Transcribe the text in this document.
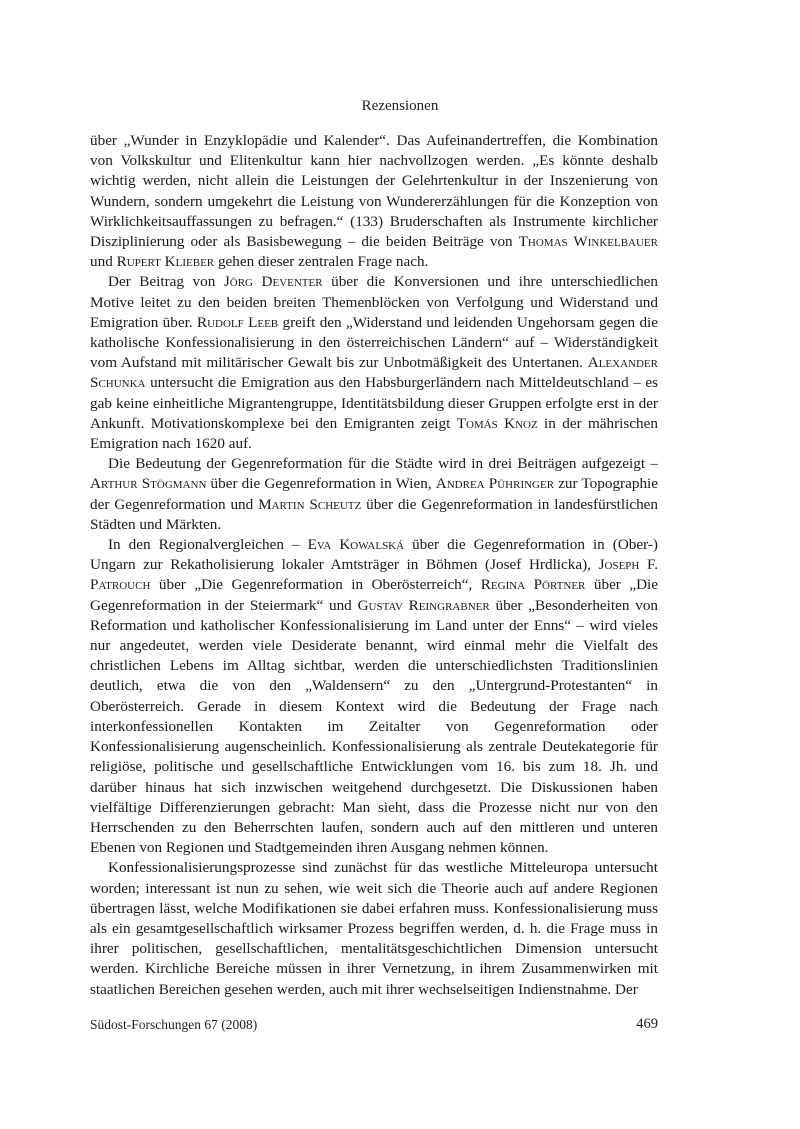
Rezensionen

über „Wunder in Enzyklopädie und Kalender“. Das Aufeinandertreffen, die Kombination von Volkskultur und Elitenkultur kann hier nachvollzogen werden. „Es könnte deshalb wichtig werden, nicht allein die Leistungen der Gelehrtenkultur in der Inszenierung von Wundern, sondern umgekehrt die Leistung von Wundererzählungen für die Konzeption von Wirklichkeitsauffassungen zu befragen.“ (133) Bruderschaften als Instrumente kirchlicher Disziplinierung oder als Basisbewegung – die beiden Beiträge von Thomas Winkelbauer und Rupert Klieber gehen dieser zentralen Frage nach.

Der Beitrag von Jörg Deventer über die Konversionen und ihre unterschiedlichen Motive leitet zu den beiden breiten Themenblöcken von Verfolgung und Widerstand und Emigration über. Rudolf Leeb greift den „Widerstand und leidenden Ungehorsam gegen die katholische Konfessionalisierung in den österreichischen Ländern“ auf – Widerständigkeit vom Aufstand mit militärischer Gewalt bis zur Unbotmäßigkeit des Untertanen. Alexander Schunka untersucht die Emigration aus den Habsburgerländern nach Mitteldeutschland – es gab keine einheitliche Migrantengruppe, Identitätsbildung dieser Gruppen erfolgte erst in der Ankunft. Motivationskomplexe bei den Emigranten zeigt Tomás Knoz in der mährischen Emigration nach 1620 auf.

Die Bedeutung der Gegenreformation für die Städte wird in drei Beiträgen aufgezeigt – Arthur Stögmann über die Gegenreformation in Wien, Andrea Pühringer zur Topographie der Gegenreformation und Martin Scheutz über die Gegenreformation in landesfürstlichen Städten und Märkten.

In den Regionalvergleichen – Eva Kowalská über die Gegenreformation in (Ober-) Ungarn zur Rekatholisierung lokaler Amtsträger in Böhmen (Josef Hrdlicka), Joseph F. Patrouch über „Die Gegenreformation in Oberösterreich“, Regina Pörtner über „Die Gegenreformation in der Steiermark“ und Gustav Reingrabner über „Besonderheiten von Reformation und katholischer Konfessionalisierung im Land unter der Enns“ – wird vieles nur angedeutet, werden viele Desiderate benannt, wird einmal mehr die Vielfalt des christlichen Lebens im Alltag sichtbar, werden die unterschiedlichsten Traditionslinien deutlich, etwa die von den „Waldensern“ zu den „Untergrund-Protestanten“ in Oberösterreich. Gerade in diesem Kontext wird die Bedeutung der Frage nach interkonfessionellen Kontakten im Zeitalter von Gegenreformation oder Konfessionalisierung augenscheinlich. Konfessionalisierung als zentrale Deutekategorie für religiöse, politische und gesellschaftliche Entwicklungen vom 16. bis zum 18. Jh. und darüber hinaus hat sich inzwischen weitgehend durchgesetzt. Die Diskussionen haben vielfältige Differenzierungen gebracht: Man sieht, dass die Prozesse nicht nur von den Herrschenden zu den Beherrschten laufen, sondern auch auf den mittleren und unteren Ebenen von Regionen und Stadtgemeinden ihren Ausgang nehmen können.

Konfessionalisierungsprozesse sind zunächst für das westliche Mitteleuropa untersucht worden; interessant ist nun zu sehen, wie weit sich die Theorie auch auf andere Regionen übertragen lässt, welche Modifikationen sie dabei erfahren muss. Konfessionalisierung muss als ein gesamtgesellschaftlich wirksamer Prozess begriffen werden, d. h. die Frage muss in ihrer politischen, gesellschaftlichen, mentalitätsgeschichtlichen Dimension untersucht werden. Kirchliche Bereiche müssen in ihrer Vernetzung, in ihrem Zusammenwirken mit staatlichen Bereichen gesehen werden, auch mit ihrer wechselseitigen Indienstnahme. Der

Südost-Forschungen 67 (2008)	469
